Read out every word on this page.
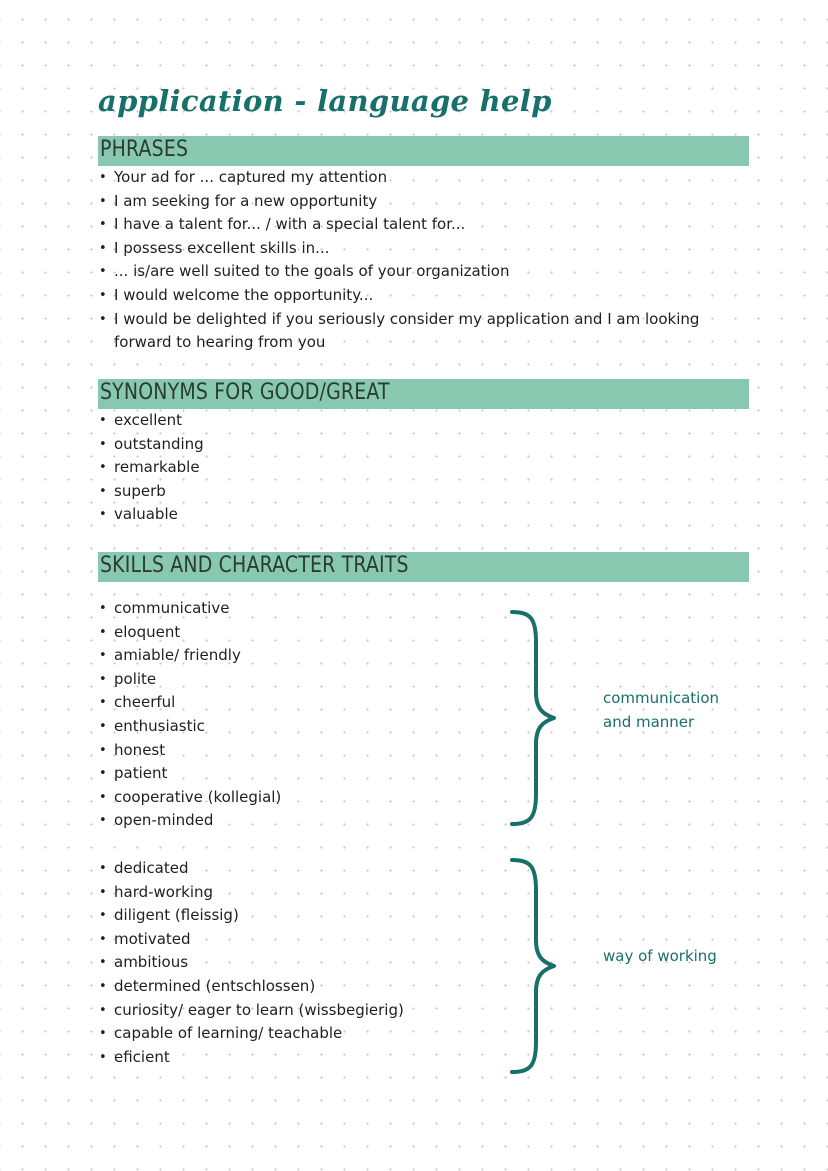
application - language help
PHRASES
• Your ad for ... captured my attention
• I am seeking for a new opportunity
• I have a talent for... / with a special talent for...
• I possess excellent skills in...
• ... is/are well suited to the goals of your organization
• I would welcome the opportunity...
• I would be delighted if you seriously consider my application and I am looking forward to hearing from you
SYNONYMS FOR GOOD/GREAT
• excellent
• outstanding
• remarkable
• superb
• valuable
SKILLS AND CHARACTER TRAITS
• communicative
• eloquent
• amiable/ friendly
• polite
• cheerful
• enthusiastic
• honest
• patient
• cooperative (kollegial)
• open-minded
communication
and manner
• dedicated
• hard-working
• diligent (fleissig)
• motivated
• ambitious
• determined (entschlossen)
• curiosity/ eager to learn (wissbegierig)
• capable of learning/ teachable
• eficient
way of working
